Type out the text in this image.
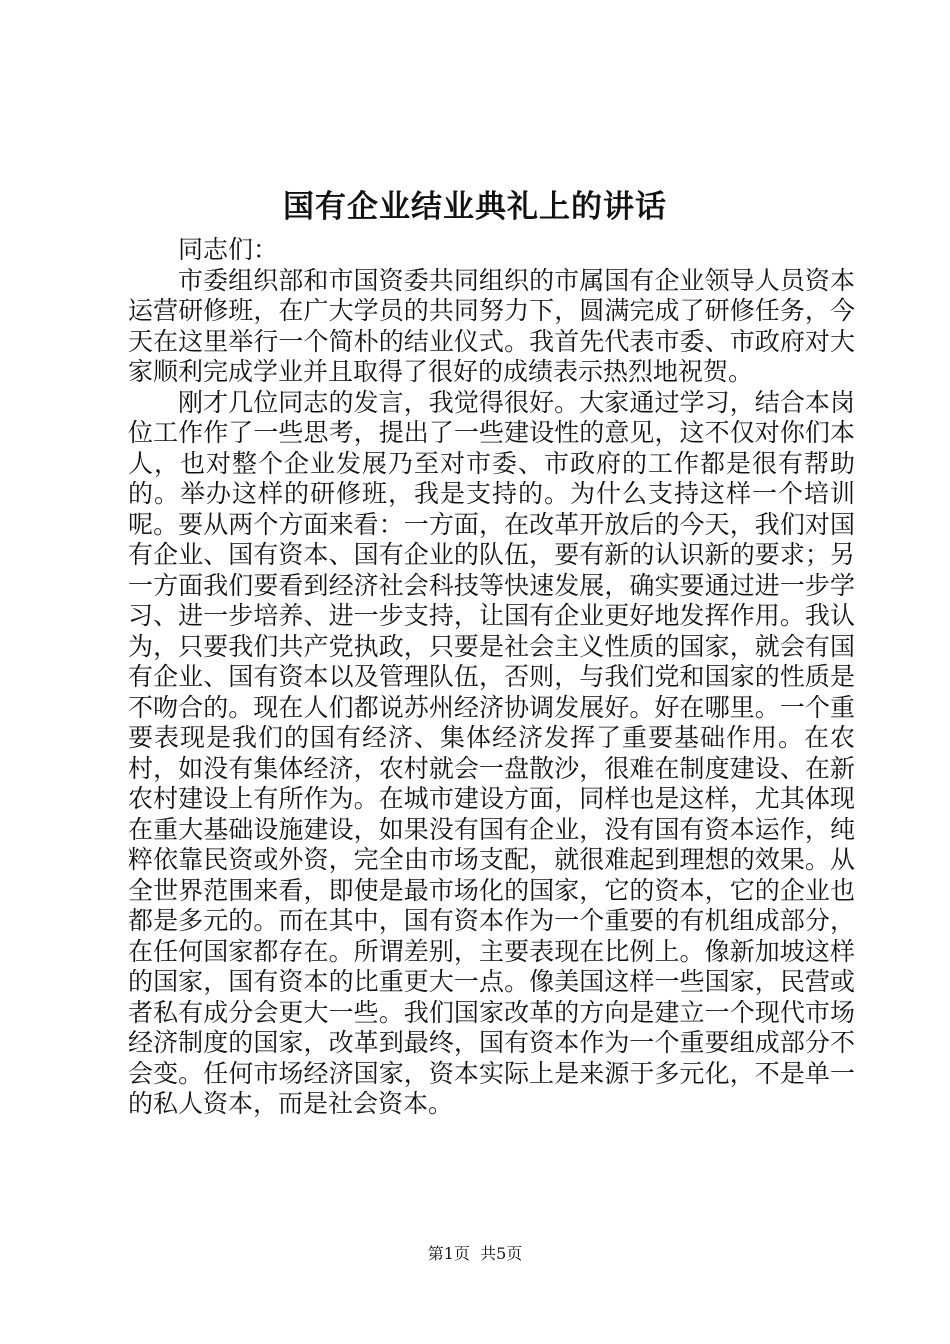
国有企业结业典礼上的讲话

同志们：

市委组织部和市国资委共同组织的市属国有企业领导人员资本运营研修班，在广大学员的共同努力下，圆满完成了研修任务，今天在这里举行一个简朴的结业仪式。我首先代表市委、市政府对大家顺利完成学业并且取得了很好的成绩表示热烈地祝贺。

刚才几位同志的发言，我觉得很好。大家通过学习，结合本岗位工作作了一些思考，提出了一些建设性的意见，这不仅对你们本人，也对整个企业发展乃至对市委、市政府的工作都是很有帮助的。举办这样的研修班，我是支持的。为什么支持这样一个培训呢。要从两个方面来看：一方面，在改革开放后的今天，我们对国有企业、国有资本、国有企业的队伍，要有新的认识新的要求；另一方面我们要看到经济社会科技等快速发展，确实要通过进一步学习、进一步培养、进一步支持，让国有企业更好地发挥作用。我认为，只要我们共产党执政，只要是社会主义性质的国家，就会有国有企业、国有资本以及管理队伍，否则，与我们党和国家的性质是不吻合的。现在人们都说苏州经济协调发展好。好在哪里。一个重要表现是我们的国有经济、集体经济发挥了重要基础作用。在农村，如没有集体经济，农村就会一盘散沙，很难在制度建设、在新农村建设上有所作为。在城市建设方面，同样也是这样，尤其体现在重大基础设施建设，如果没有国有企业，没有国有资本运作，纯粹依靠民资或外资，完全由市场支配，就很难起到理想的效果。从全世界范围来看，即使是最市场化的国家，它的资本，它的企业也都是多元的。而在其中，国有资本作为一个重要的有机组成部分，在任何国家都存在。所谓差别，主要表现在比例上。像新加坡这样的国家，国有资本的比重更大一点。像美国这样一些国家，民营或者私有成分会更大一些。我们国家改革的方向是建立一个现代市场经济制度的国家，改革到最终，国有资本作为一个重要组成部分不会变。任何市场经济国家，资本实际上是来源于多元化，不是单一的私人资本，而是社会资本。

第1页  共5页
